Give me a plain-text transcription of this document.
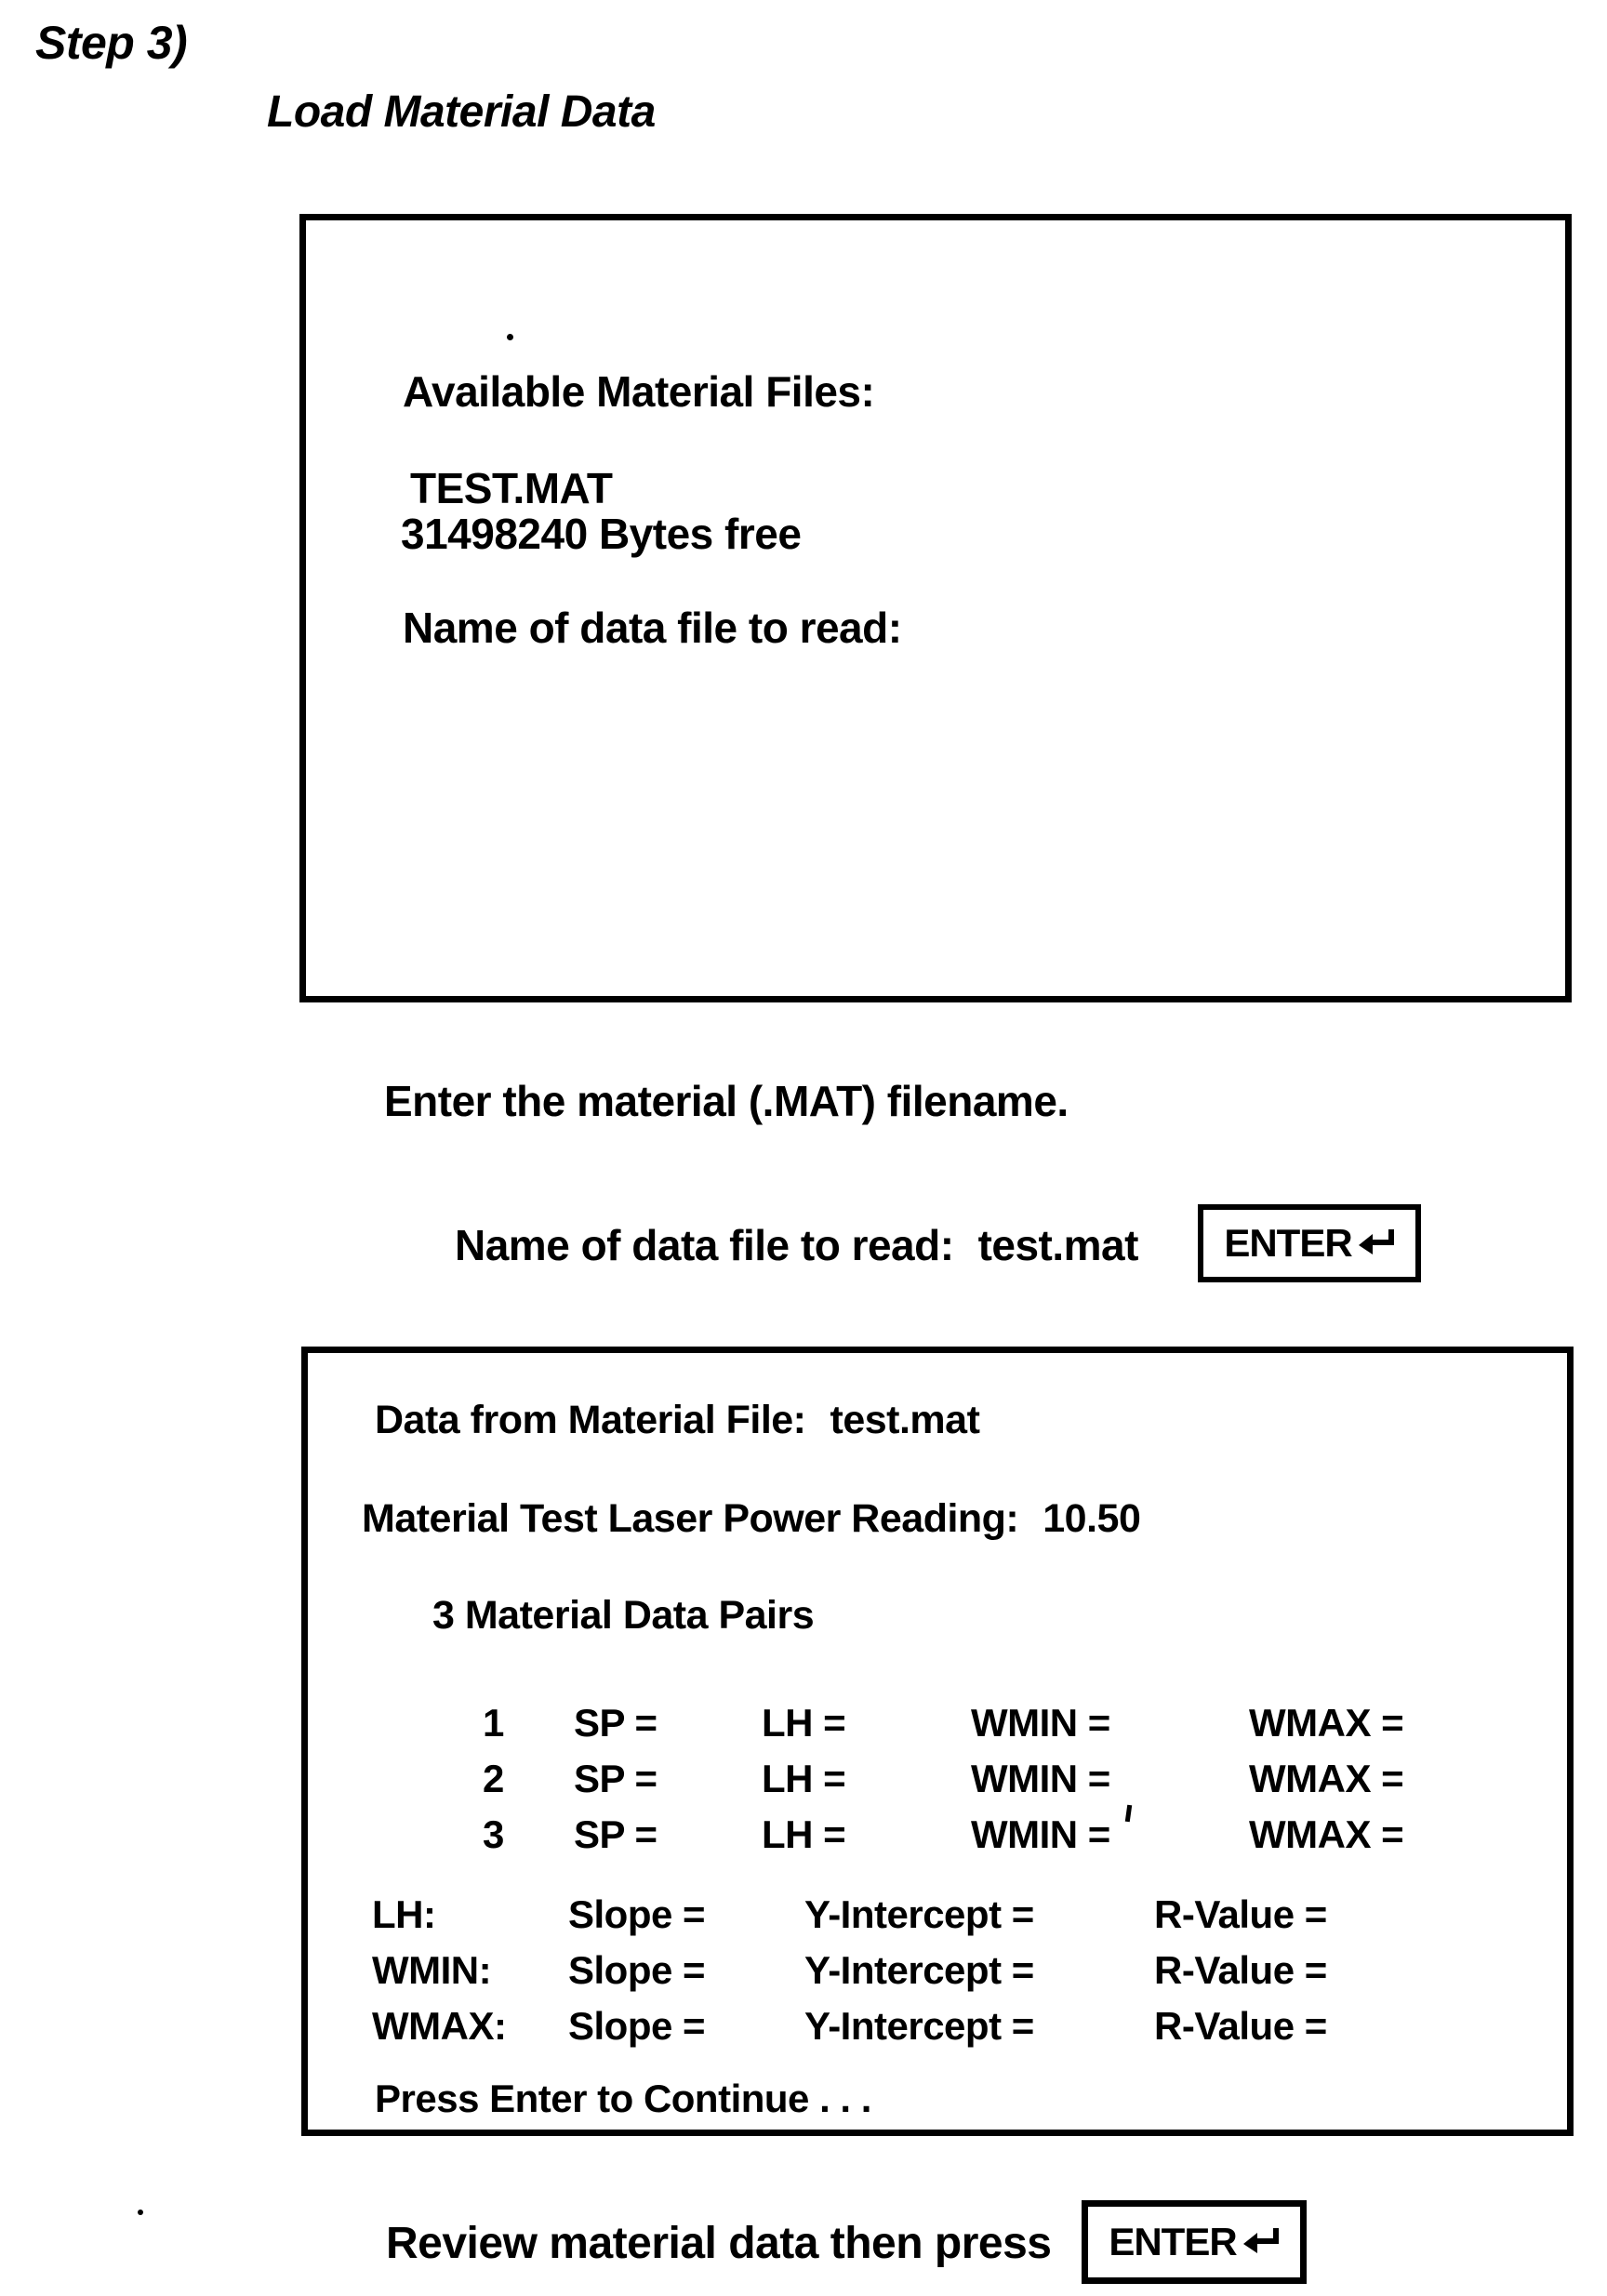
Step 3)
Load Material Data
Available Material Files:
TEST.MAT
31498240 Bytes free
Name of data file to read:
Enter the material (.MAT) filename.
Name of data file to read: test.mat ENTER
Data from Material File: test.mat
Material Test Laser Power Reading: 10.50
3 Material Data Pairs
1 SP =	LH =	WMIN =	WMAX =
2 SP =	LH =	WMIN =	WMAX =
3 SP =	LH =	WMIN =	WMAX =
LH:	Slope =	Y-Intercept =	R-Value =
WMIN: Slope =	Y-Intercept =	R-Value =
WMAX: Slope =	Y-Intercept =	R-Value =
Press Enter to Continue . . .
Review material data then press ENTER
